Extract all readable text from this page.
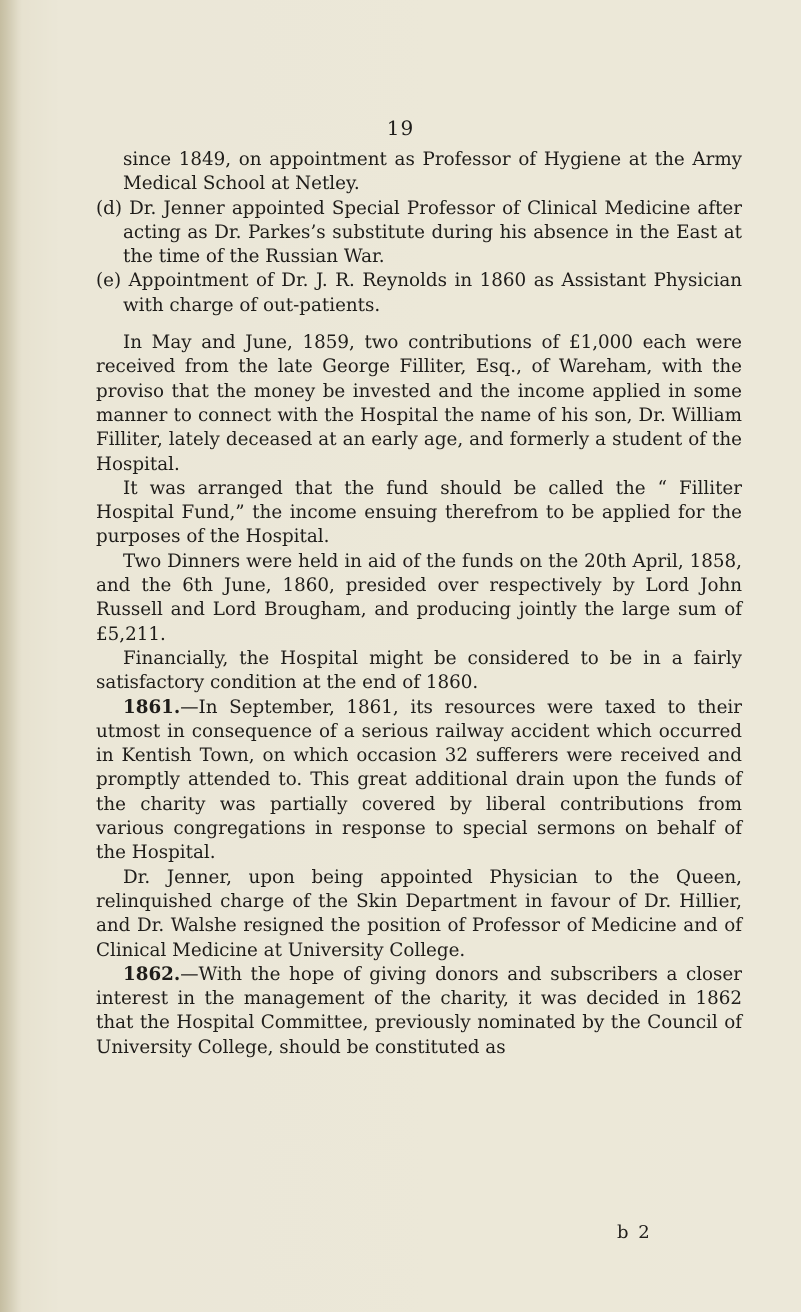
19

since 1849, on appointment as Professor of Hygiene at the Army Medical School at Netley.

(d) Dr. Jenner appointed Special Professor of Clinical Medicine after acting as Dr. Parkes’s substitute during his absence in the East at the time of the Russian War.

(e) Appointment of Dr. J. R. Reynolds in 1860 as Assistant Physician with charge of out-patients.

In May and June, 1859, two contributions of £1,000 each were received from the late George Filliter, Esq., of Wareham, with the proviso that the money be invested and the income applied in some manner to connect with the Hospital the name of his son, Dr. William Filliter, lately deceased at an early age, and formerly a student of the Hospital.

It was arranged that the fund should be called the “ Filliter Hospital Fund,” the income ensuing therefrom to be applied for the purposes of the Hospital.

Two Dinners were held in aid of the funds on the 20th April, 1858, and the 6th June, 1860, presided over respectively by Lord John Russell and Lord Brougham, and producing jointly the large sum of £5,211.

Financially, the Hospital might be considered to be in a fairly satisfactory condition at the end of 1860.

1861.—In September, 1861, its resources were taxed to their utmost in consequence of a serious railway accident which occurred in Kentish Town, on which occasion 32 sufferers were received and promptly attended to. This great additional drain upon the funds of the charity was partially covered by liberal contributions from various congregations in response to special sermons on behalf of the Hospital.

Dr. Jenner, upon being appointed Physician to the Queen, relinquished charge of the Skin Department in favour of Dr. Hillier, and Dr. Walshe resigned the position of Professor of Medicine and of Clinical Medicine at University College.

1862.—With the hope of giving donors and subscribers a closer interest in the management of the charity, it was decided in 1862 that the Hospital Committee, previously nominated by the Council of University College, should be constituted as

b 2
